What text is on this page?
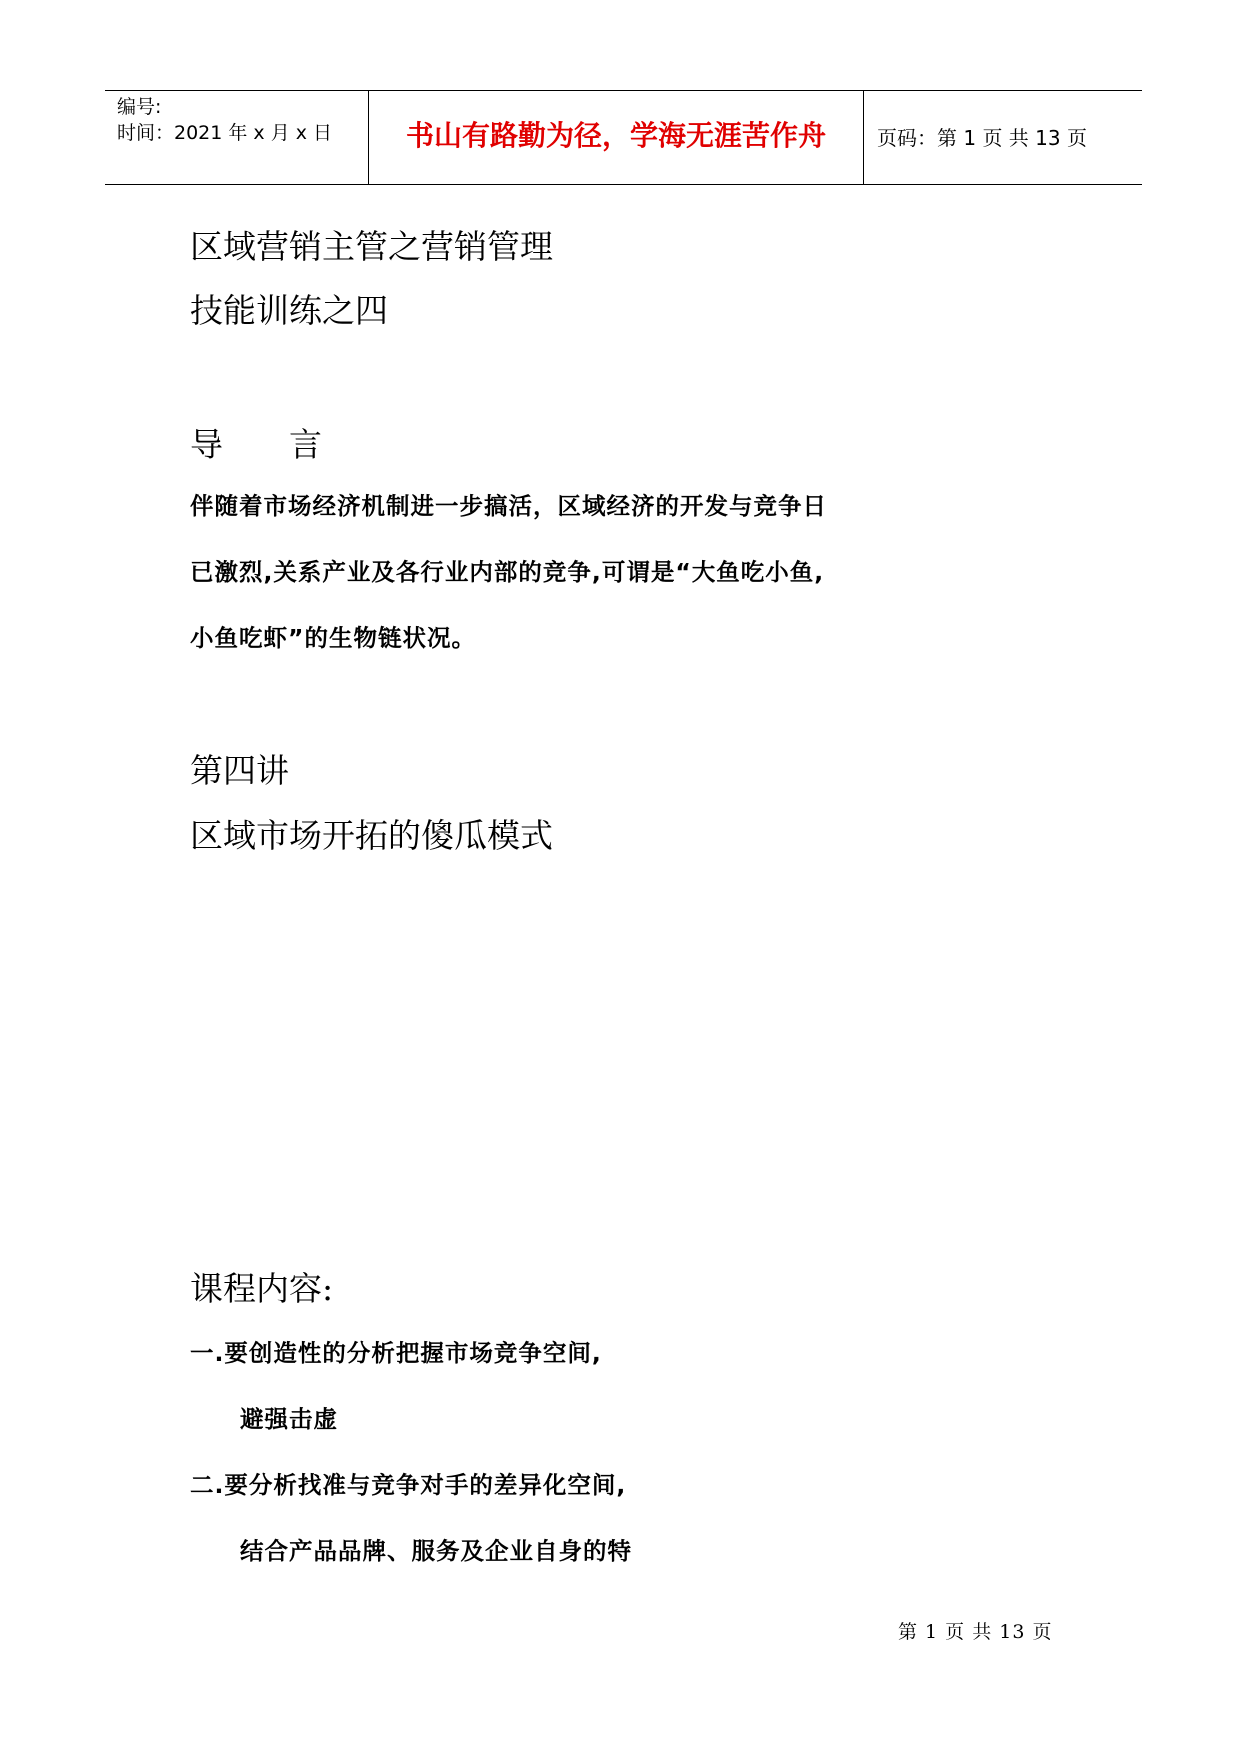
编号:
时间：2021 年 x 月 x 日	书山有路勤为径，学海无涯苦作舟	页码：第 1 页 共 13 页
区域营销主管之营销管理
技能训练之四
导 言
伴随着市场经济机制进一步搞活，区域经济的开发与竞争日
已激烈,关系产业及各行业内部的竞争,可谓是“大鱼吃小鱼,
小鱼吃虾”的生物链状况。
第四讲
区域市场开拓的傻瓜模式
课程内容:
一.要创造性的分析把握市场竞争空间,
避强击虚
二.要分析找准与竞争对手的差异化空间,
结合产品品牌、服务及企业自身的特
第 1 页 共 13 页
